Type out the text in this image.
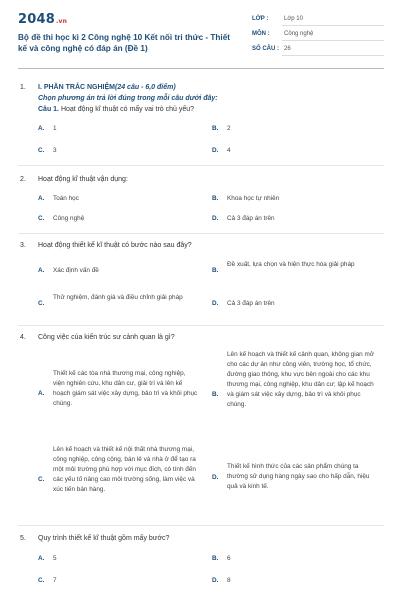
2048.vn
Bộ đề thi học kì 2 Công nghệ 10 Kết nối tri thức - Thiết kế và công nghệ có đáp án (Đề 1)
LỚP :	Lớp 10
MÔN : Công nghệ
SỐ CÂU : 26
1. I. PHẦN TRẮC NGHIỆM(24 câu - 6,0 điểm)
Chọn phương án trả lời đúng trong mỗi câu dưới đây:
Câu 1. Hoạt động kĩ thuật có mấy vai trò chủ yếu?
A. 1	B. 2
C. 3	D. 4
2. Hoạt động kĩ thuật vận dụng:
A. Toán học	B. Khoa học tự nhiên
C. Công nghệ	D. Cả 3 đáp án trên
3. Hoạt động thiết kế kĩ thuật có bước nào sau đây?
A. Xác định vấn đề	B.
Đề xuất, lựa chọn và hiện thực hóa giải pháp
C.
Thử nghiệm, đánh giá và điều chỉnh giải pháp
D. Cả 3 đáp án trên
4. Công việc của kiến trúc sư cảnh quan là gì?
A.
Thiết kế các tòa nhà thương mại, công nghiệp, viện nghiên cứu, khu dân cư, giải trí và lên kế hoạch giám sát việc xây dựng, bảo trì và khôi phục chúng.
B.
Lên kế hoạch và thiết kế cảnh quan, không gian mở cho các dự án như công viên, trường học, tổ chức, đường giao thông, khu vực bên ngoài cho các khu thương mại, công nghiệp, khu dân cư; lập kế hoạch và giám sát việc xây dựng, bảo trì và khôi phục chúng.
C.
Lên kế hoạch và thiết kế nội thất nhà thương mại, công nghiệp, công cộng, bán lẻ và nhà ở để tạo ra một môi trường phù hợp với mục đích, có tính đến các yếu tố nâng cao môi trường sống, làm việc và xúc tiến bán hàng.
D.
Thiết kế hình thức của các sản phẩm chúng ta thường sử dụng hàng ngày sao cho hấp dẫn, hiệu quả và kinh tế.
5. Quy trình thiết kế kĩ thuật gồm mấy bước?
A. 5	B. 6
C. 7	D. 8
